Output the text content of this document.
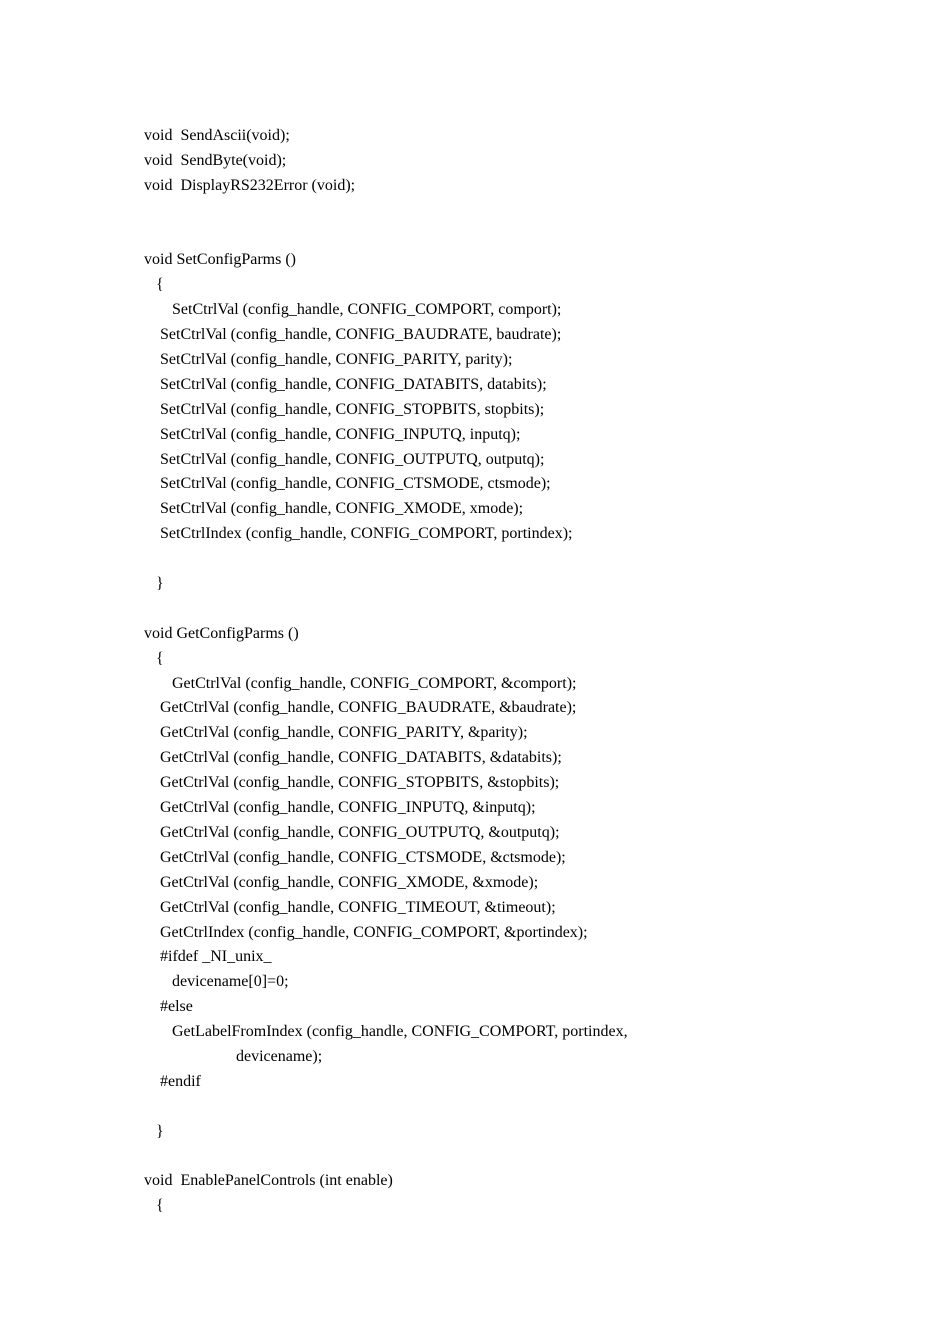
void  SendAscii(void);
void  SendByte(void);
void  DisplayRS232Error (void);
void SetConfigParms ()
{
SetCtrlVal (config_handle, CONFIG_COMPORT, comport);
SetCtrlVal (config_handle, CONFIG_BAUDRATE, baudrate);
SetCtrlVal (config_handle, CONFIG_PARITY, parity);
SetCtrlVal (config_handle, CONFIG_DATABITS, databits);
SetCtrlVal (config_handle, CONFIG_STOPBITS, stopbits);
SetCtrlVal (config_handle, CONFIG_INPUTQ, inputq);
SetCtrlVal (config_handle, CONFIG_OUTPUTQ, outputq);
SetCtrlVal (config_handle, CONFIG_CTSMODE, ctsmode);
SetCtrlVal (config_handle, CONFIG_XMODE, xmode);
SetCtrlIndex (config_handle, CONFIG_COMPORT, portindex);
}
void GetConfigParms ()
{
GetCtrlVal (config_handle, CONFIG_COMPORT, &comport);
GetCtrlVal (config_handle, CONFIG_BAUDRATE, &baudrate);
GetCtrlVal (config_handle, CONFIG_PARITY, &parity);
GetCtrlVal (config_handle, CONFIG_DATABITS, &databits);
GetCtrlVal (config_handle, CONFIG_STOPBITS, &stopbits);
GetCtrlVal (config_handle, CONFIG_INPUTQ, &inputq);
GetCtrlVal (config_handle, CONFIG_OUTPUTQ, &outputq);
GetCtrlVal (config_handle, CONFIG_CTSMODE, &ctsmode);
GetCtrlVal (config_handle, CONFIG_XMODE, &xmode);
GetCtrlVal (config_handle, CONFIG_TIMEOUT, &timeout);
GetCtrlIndex (config_handle, CONFIG_COMPORT, &portindex);
#ifdef _NI_unix_
devicename[0]=0;
#else
GetLabelFromIndex (config_handle, CONFIG_COMPORT, portindex,
devicename);
#endif
}
void  EnablePanelControls (int enable)
{
